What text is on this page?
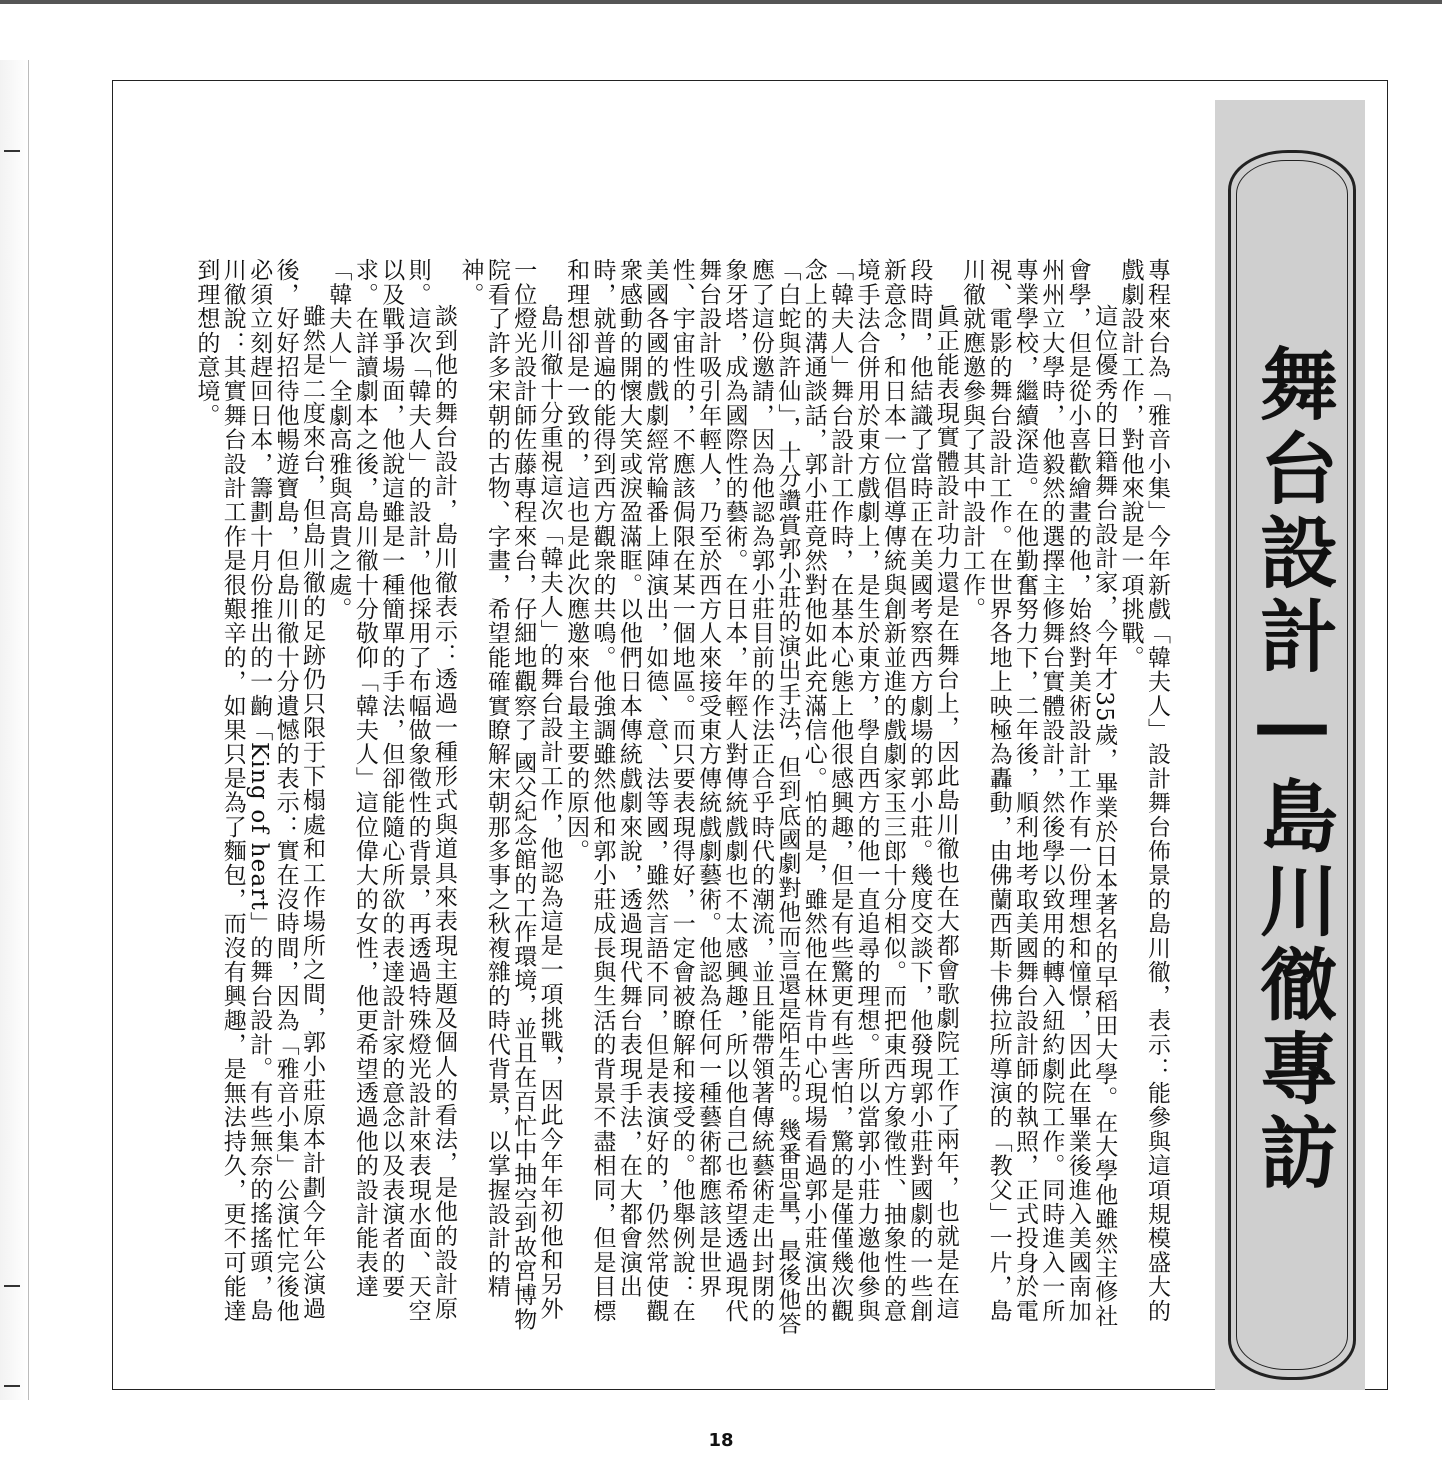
舞台設計—島川徹專訪

專程來台為「雅音小集」今年新戲「韓夫人」設計舞台佈景的島川徹，表示：能參與這項規模盛大的戲劇設計工作，對他來說是一項挑戰。

這位優秀的日籍舞台設計家，今年才35歲，畢業於日本著名的早稻田大學。在大學他雖然主修社會學，但是從小喜歡繪畫的他，始終對美術設計工作有一份理想和憧憬，因此在畢業後進入美國南加州州立大學時，他毅然的選擇主修舞台實體設計，然後學以致用的轉入紐約劇院工作。同時進入一所專業學校，繼續深造。在他勤奮努力下，二年後，順利地考取美國舞台設計師的執照，正式投身於電視、電影的舞台設計工作。在世界各地上映極為轟動，由佛蘭西斯卡佛拉所導演的「教父」一片，島川徹就應邀參與了其中設計工作。

眞正能表現實體設計功力還是在舞台上，因此島川徹也在大都會歌劇院工作了兩年，也就是在這段時間，他結識了當時正在美國考察西方劇場的郭小莊。幾度交談下，他發現郭小莊對國劇的一些創新意念，和日本一位倡導傳統與創新並進的戲劇家玉三郎十分相似。而把東西方象徵性、抽象性的意境手法合併用於東方戲劇上，是生於東方，學自西方的他一直追尋的理想。所以當郭小莊力邀他參與「韓夫人」舞台設計工作時，在基本心態上他很感興趣，但是有些驚更有些害怕，驚的是僅僅幾次觀念上的溝通談話，郭小莊竟然對他如此充滿信心。怕的是，雖然他在林肯中心現場看過郭小莊演出的「白蛇與許仙」，十分讚賞郭小莊的演出手法，但到底國劇對他而言還是陌生的。幾番思量，最後他答應了這份邀請，因為他認為郭小莊目前的作法正合乎時代的潮流，並且能帶領著傳統藝術走出封閉的象牙塔，成為國際性的藝術。在日本，年輕人對傳統戲劇也不太感興趣，所以他自己也希望透過現代舞台設計吸引年輕人，乃至於西方人來接受東方傳統戲劇藝術。他認為任何一種藝術都應該是世界性、宇宙性的，不應該侷限在某一個地區。而只要表現得好，一定會被瞭解和接受的。他舉例說：在美國各國的戲劇經常輪番上陣演出，如德、意、法等國，雖然言語不同，但是表演好的，仍然常使觀衆感動的開懷大笑或淚盈滿眶。以他們日本傳統戲劇來說，透過現代舞台表現手法，在大都會演出時，就普遍的能得到西方觀衆的共鳴。他強調雖然他和郭小莊成長與生活的背景不盡相同，但是目標和理想卻是一致的，這也是此次應邀來台最主要的原因。

島川徹十分重視這次「韓夫人」的舞台設計工作，他認為這是一項挑戰，因此今年年初他和另外一位燈光設計師佐藤專程來台，仔細地觀察了 國父紀念館的工作環境，並且在百忙中抽空到故宮博物院看了許多宋朝的古物、字畫，希望能確實瞭解宋朝那多事之秋複雜的時代背景，以掌握設計的精神。

談到他的舞台設計，島川徹表示：透過一種形式與道具來表現主題及個人的看法，是他的設計原則。這次「韓夫人」的設計，他採用了布幅做象徵性的背景，再透過特殊燈光設計來表現水面、天空以及戰爭場面，他說這雖是一種簡單的手法，但卻能隨心所欲的表達設計家的意念以及表演者的要求。在詳讀劇本之後，島川徹十分敬仰「韓夫人」這位偉大的女性，他更希望透過他的設計能表達「韓夫人」全劇高雅與高貴之處。

雖然是二度來台，但島川徹的足跡仍只限于下榻處和工作場所之間，郭小莊原本計劃今年公演過後，好好招待他暢遊寶島，但島川徹十分遺憾的表示：實在沒時間，因為「雅音小集」公演忙完後他必須立刻趕回日本，籌劃十月份推出的一齣「King of heart」的舞台設計。有些無奈的搖搖頭，島川徹說：其實舞台設計工作是很艱辛的，如果只是為了麵包，而沒有興趣，是無法持久，更不可能達到理想的意境。

18
